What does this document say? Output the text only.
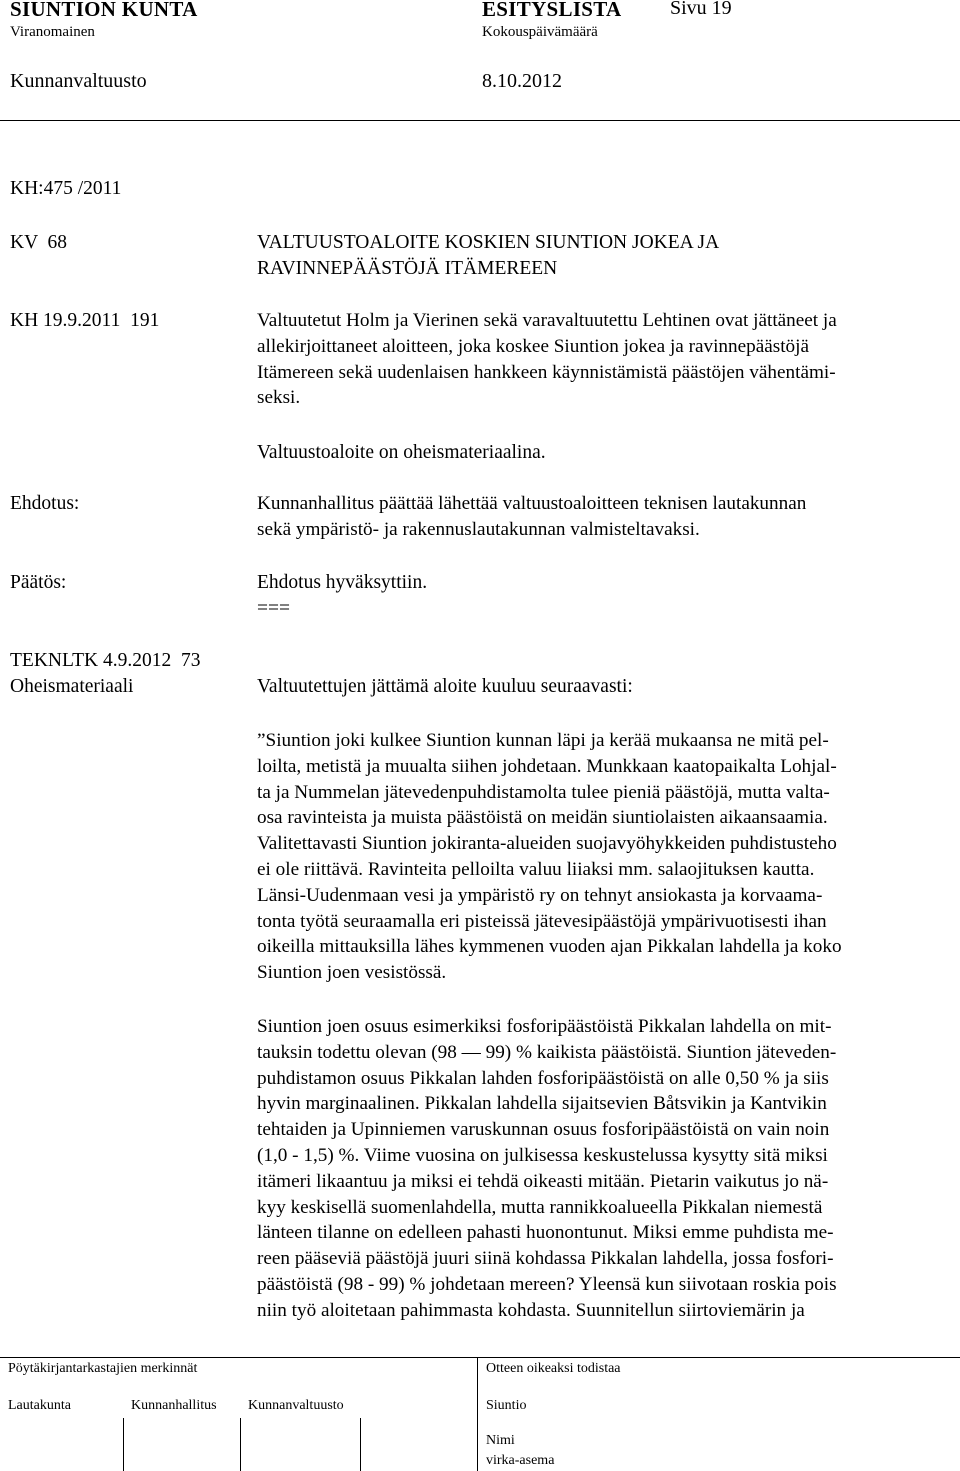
SIUNTION KUNTA	ESITYSLISTA Sivu 19
Viranomainen	Kokouspäivämäärä
Kunnanvaltuusto	8.10.2012
KH:475 /2011
KV  68
KH 19.9.2011  191
VALTUUSTOALOITE KOSKIEN SIUNTION JOKEA JA
RAVINNEPÄÄSTÖJÄ ITÄMEREEN
Valtuutetut Holm ja Vierinen sekä varavaltuutettu Lehtinen ovat jättäneet ja
allekirjoittaneet aloitteen, joka koskee Siuntion jokea ja ravinnepäästöjä
Itämereen sekä uudenlaisen hankkeen käynnistämistä päästöjen vähentämi-
seksi.
Valtuustoaloite on oheismateriaalina.
Ehdotus:	Kunnanhallitus päättää lähettää valtuustoaloitteen teknisen lautakunnan
sekä ympäristö- ja rakennuslautakunnan valmisteltavaksi.
Päätös:	Ehdotus hyväksyttiin.
===
TEKNLTK 4.9.2012  73
Oheismateriaali	Valtuutettujen jättämä aloite kuuluu seuraavasti:
”Siuntion joki kulkee Siuntion kunnan läpi ja kerää mukaansa ne mitä pel-
loilta, metistä ja muualta siihen johdetaan. Munkkaan kaatopaikalta Lohjal-
ta ja Nummelan jätevedenpuhdistamolta tulee pieniä päästöjä, mutta valta-
osa ravinteista ja muista päästöistä on meidän siuntiolaisten aikaansaamia.
Valitettavasti Siuntion jokiranta-alueiden suojavyöhykkeiden puhdistusteho
ei ole riittävä. Ravinteita pelloilta valuu liiaksi mm. salaojituksen kautta.
Länsi-Uudenmaan vesi ja ympäristö ry on tehnyt ansiokasta ja korvaama-
tonta työtä seuraamalla eri pisteissä jätevesipäästöjä ympärivuotisesti ihan
oikeilla mittauksilla lähes kymmenen vuoden ajan Pikkalan lahdella ja koko
Siuntion joen vesistössä.
Siuntion joen osuus esimerkiksi fosforipäästöistä Pikkalan lahdella on mit-
tauksin todettu olevan (98 — 99) % kaikista päästöistä. Siuntion jäteveden-
puhdistamon osuus Pikkalan lahden fosforipäästöistä on alle 0,50 % ja siis
hyvin marginaalinen. Pikkalan lahdella sijaitsevien Båtsvikin ja Kantvikin
tehtaiden ja Upinniemen varuskunnan osuus fosforipäästöistä on vain noin
(1,0 - 1,5) %. Viime vuosina on julkisessa keskustelussa kysytty sitä miksi
itämeri likaantuu ja miksi ei tehdä oikeasti mitään. Pietarin vaikutus jo nä-
kyy keskisellä suomenlahdella, mutta rannikkoalueella Pikkalan niemestä
länteen tilanne on edelleen pahasti huonontunut. Miksi emme puhdista me-
reen pääseviä päästöjä juuri siinä kohdassa Pikkalan lahdella, jossa fosfori-
päästöistä (98 - 99) % johdetaan mereen? Yleensä kun siivotaan roskia pois
niin työ aloitetaan pahimmasta kohdasta. Suunnitellun siirtoviemärin ja
Pöytäkirjantarkastajien merkinnät	Otteen oikeaksi todistaa
Lautakunta	Kunnanhallitus Kunnanvaltuusto	Siuntio
Nimi
virka-asema
